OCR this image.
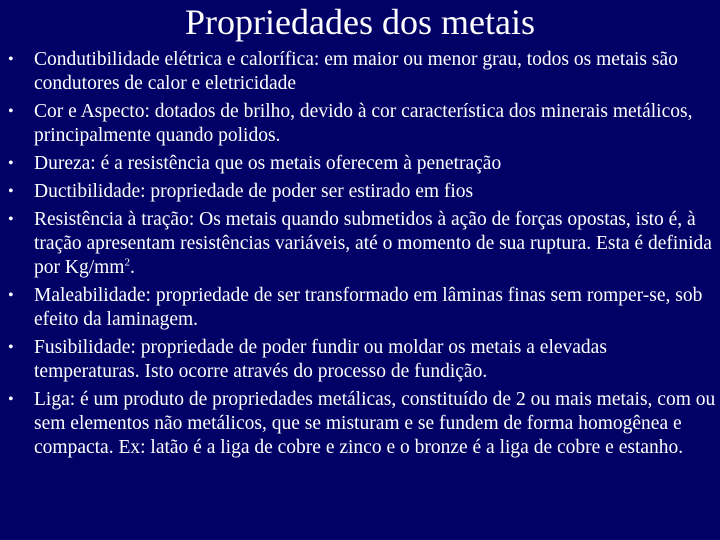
Propriedades dos metais
•	Condutibilidade elétrica e calorífica: em maior ou menor grau, todos os metais são condutores de calor e eletricidade
•	Cor e Aspecto: dotados de brilho, devido à cor característica dos minerais metálicos, principalmente quando polidos.
•	Dureza: é a resistência que os metais oferecem à penetração
•	Ductibilidade: propriedade de poder ser estirado em fios
•	Resistência à tração: Os metais quando submetidos à ação de forças opostas, isto é, à tração apresentam resistências variáveis, até o momento de sua ruptura. Esta é definida por $Kg/mm^2$.
•	Maleabilidade: propriedade de ser transformado em lâminas finas sem romper-se, sob efeito da laminagem.
•	Fusibilidade: propriedade de poder fundir ou moldar os metais a elevadas temperaturas. Isto ocorre através do processo de fundição.
•	Liga: é um produto de propriedades metálicas, constituído de 2 ou mais metais, com ou sem elementos não metálicos, que se misturam e se fundem de forma homogênea e compacta. Ex: latão é a liga de cobre e zinco e o bronze é a liga de cobre e estanho.
